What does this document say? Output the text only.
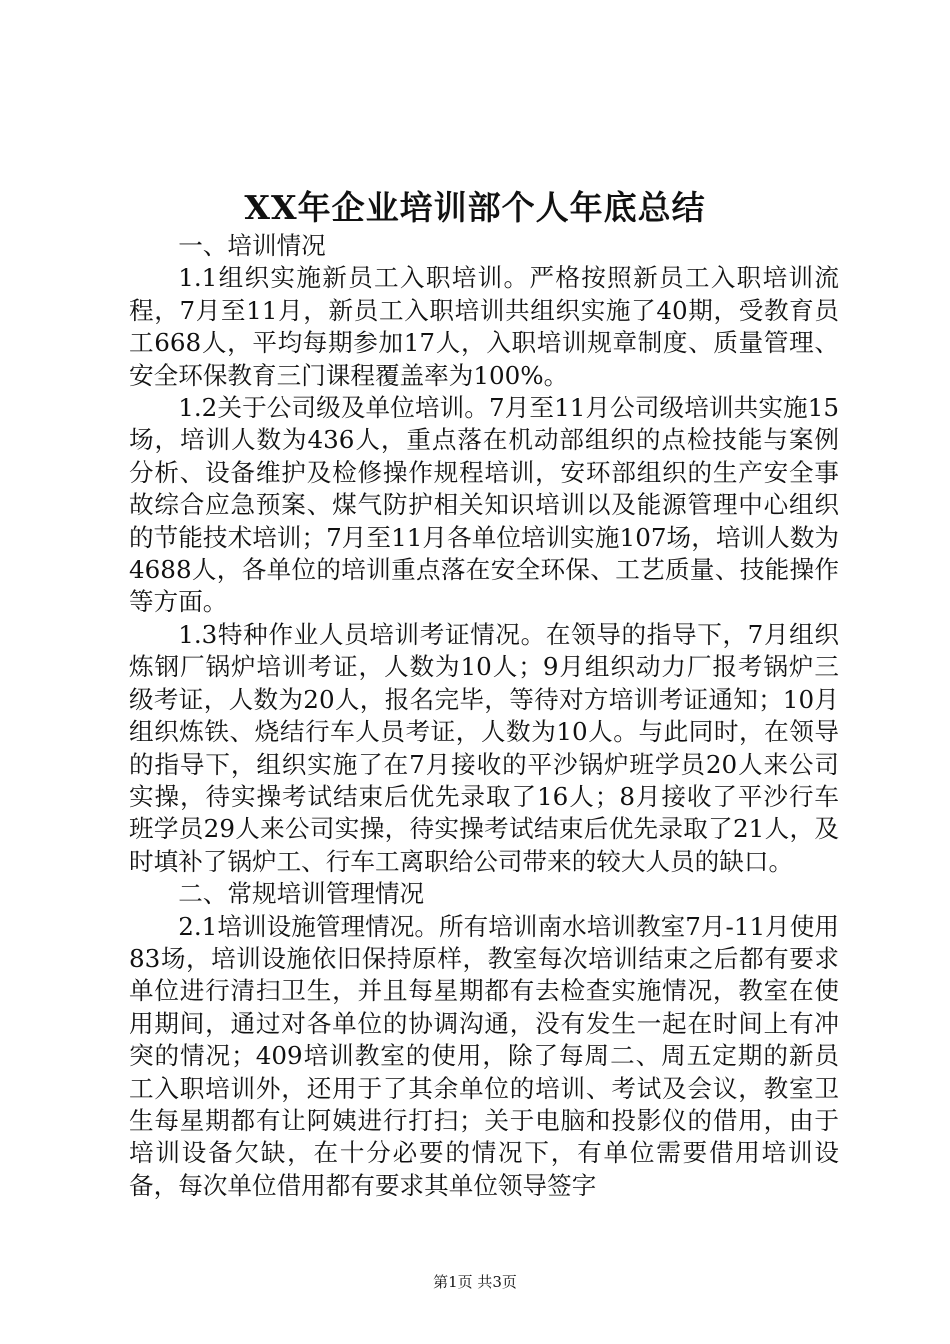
XX年企业培训部个人年底总结

一、培训情况

1.1组织实施新员工入职培训。严格按照新员工入职培训流程，7月至11月，新员工入职培训共组织实施了40期，受教育员工668人，平均每期参加17人，入职培训规章制度、质量管理、安全环保教育三门课程覆盖率为100%。

1.2关于公司级及单位培训。7月至11月公司级培训共实施15场，培训人数为436人，重点落在机动部组织的点检技能与案例分析、设备维护及检修操作规程培训，安环部组织的生产安全事故综合应急预案、煤气防护相关知识培训以及能源管理中心组织的节能技术培训；7月至11月各单位培训实施107场，培训人数为4688人，各单位的培训重点落在安全环保、工艺质量、技能操作等方面。

1.3特种作业人员培训考证情况。在领导的指导下，7月组织炼钢厂锅炉培训考证，人数为10人；9月组织动力厂报考锅炉三级考证，人数为20人，报名完毕，等待对方培训考证通知；10月组织炼铁、烧结行车人员考证，人数为10人。与此同时，在领导的指导下，组织实施了在7月接收的平沙锅炉班学员20人来公司实操，待实操考试结束后优先录取了16人；8月接收了平沙行车班学员29人来公司实操，待实操考试结束后优先录取了21人，及时填补了锅炉工、行车工离职给公司带来的较大人员的缺口。

二、常规培训管理情况

2.1培训设施管理情况。所有培训南水培训教室7月-11月使用83场，培训设施依旧保持原样，教室每次培训结束之后都有要求单位进行清扫卫生，并且每星期都有去检查实施情况，教室在使用期间，通过对各单位的协调沟通，没有发生一起在时间上有冲突的情况；409培训教室的使用，除了每周二、周五定期的新员工入职培训外，还用于了其余单位的培训、考试及会议，教室卫生每星期都有让阿姨进行打扫；关于电脑和投影仪的借用，由于培训设备欠缺，在十分必要的情况下，有单位需要借用培训设备，每次单位借用都有要求其单位领导签字

第1页 共3页
